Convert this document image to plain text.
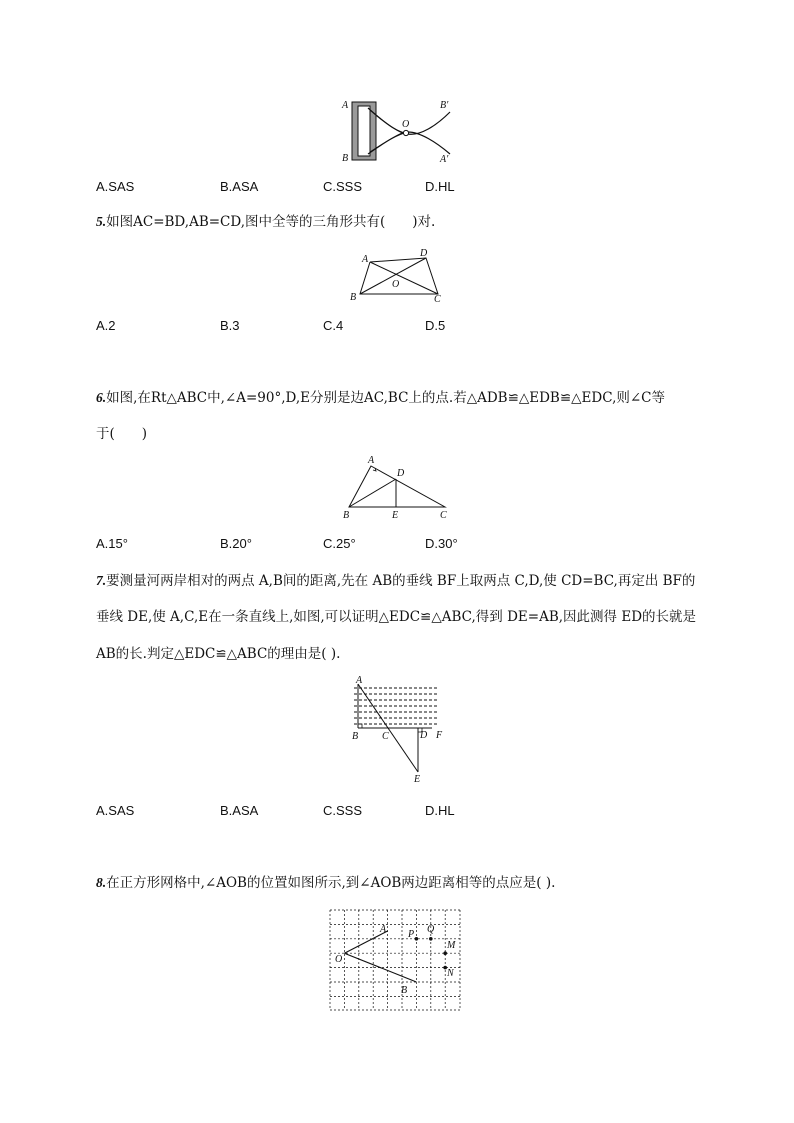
A
B
O
B′
A′
A.SAS	B.ASA	C.SSS	D.HL
5.如图AC=BD,AB=CD,图中全等的三角形共有(　　)对.
A
D
O
B	C
A.2	B.3	C.4	D.5
6.如图,在Rt△ABC中,∠A=90°,D,E分别是边AC,BC上的点.若△ADB≌△EDB≌△EDC,则∠C等
于(　　)
A
D
B	E	C
A.15°	B.20°	C.25°	D.30°
7.要测量河两岸相对的两点 A,B间的距离,先在 AB的垂线 BF上取两点 C,D,使 CD=BC,再定出 BF的
垂线 DE,使 A,C,E在一条直线上,如图,可以证明△EDC≌△ABC,得到 DE=AB,因此测得 ED的长就是
AB的长.判定△EDC≌△ABC的理由是( ).
A
B C	D F
E
A.SAS	B.ASA	C.SSS	D.HL
8.在正方形网格中,∠AOB的位置如图所示,到∠AOB两边距离相等的点应是( ).
A
O
B
P Q
M
N
